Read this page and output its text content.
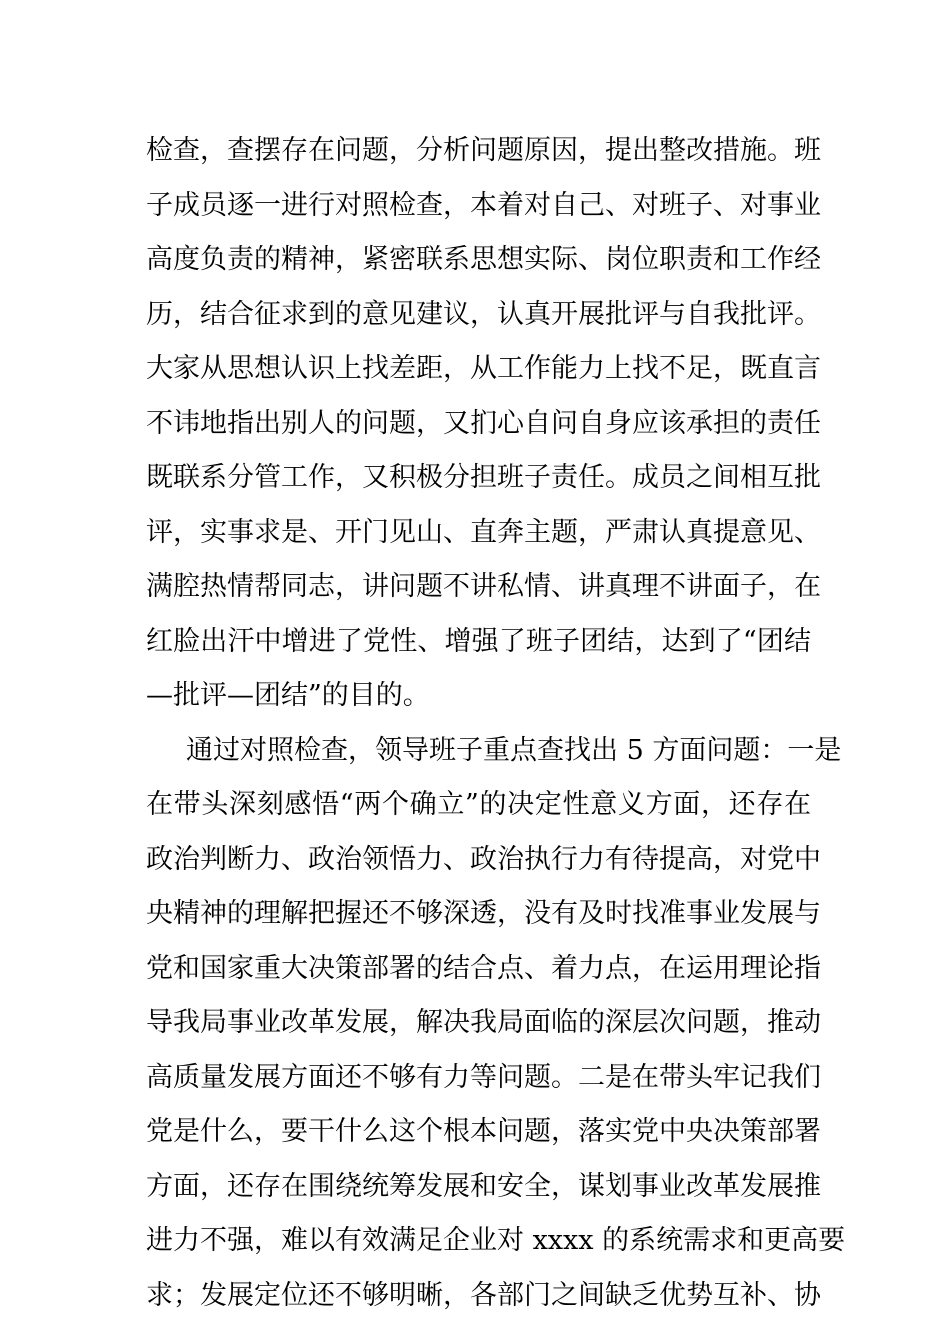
检查，查摆存在问题，分析问题原因，提出整改措施。班
子成员逐一进行对照检查，本着对自己、对班子、对事业
高度负责的精神，紧密联系思想实际、岗位职责和工作经
历，结合征求到的意见建议，认真开展批评与自我批评。
大家从思想认识上找差距，从工作能力上找不足，既直言
不讳地指出别人的问题，又扪心自问自身应该承担的责任
既联系分管工作，又积极分担班子责任。成员之间相互批
评，实事求是、开门见山、直奔主题，严肃认真提意见、
满腔热情帮同志，讲问题不讲私情、讲真理不讲面子，在
红脸出汗中增进了党性、增强了班子团结，达到了“团结
—批评—团结”的目的。
通过对照检查，领导班子重点查找出 5 方面问题：一是
在带头深刻感悟“两个确立”的决定性意义方面，还存在
政治判断力、政治领悟力、政治执行力有待提高，对党中
央精神的理解把握还不够深透，没有及时找准事业发展与
党和国家重大决策部署的结合点、着力点，在运用理论指
导我局事业改革发展，解决我局面临的深层次问题，推动
高质量发展方面还不够有力等问题。二是在带头牢记我们
党是什么，要干什么这个根本问题，落实党中央决策部署
方面，还存在围绕统筹发展和安全，谋划事业改革发展推
进力不强，难以有效满足企业对 xxxx 的系统需求和更高要
求；发展定位还不够明晰，各部门之间缺乏优势互补、协
